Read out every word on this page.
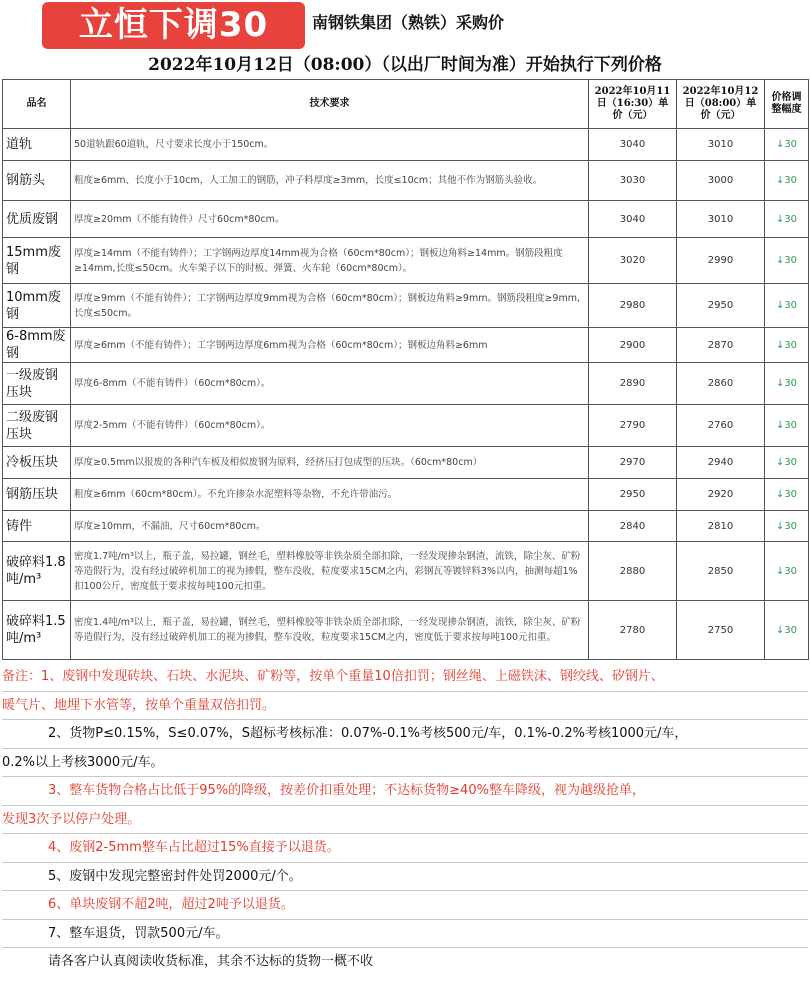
立恒下调30	南钢铁集团（熟铁）采购价
2022年10月12日（08:00）（以出厂时间为准）开始执行下列价格
品名	技术要求	2022年10月11日（16:30）单价（元）	2022年10月12日（08:00）单价（元）	价格调整幅度
道轨	50道轨跟60道轨，尺寸要求长度小于150cm。	3040	3010	↓30
钢筋头	粗度≥6mm、长度小于10cm，人工加工的钢筋，冲子料厚度≥3mm，长度≤10cm；其他不作为钢筋头验收。	3030	3000	↓30
优质废钢	厚度≥20mm（不能有铸件）尺寸60cm*80cm。	3040	3010	↓30
15mm废钢	厚度≥14mm（不能有铸件）；工字钢两边厚度14mm视为合格（60cm*80cm）；钢板边角料≥14mm。钢筋段粗度≥14mm,长度≤50cm。火车架子以下的时板、弹簧、火车轮（60cm*80cm）。	3020	2990	↓30
10mm废钢	厚度≥9mm（不能有铸件）；工字钢两边厚度9mm视为合格（60cm*80cm）；钢板边角料≥9mm。钢筋段粗度≥9mm,长度≤50cm。	2980	2950	↓30
6-8mm废钢	厚度≥6mm（不能有铸件）；工字钢两边厚度6mm视为合格（60cm*80cm）；钢板边角料≥6mm	2900	2870	↓30
一级废钢压块	厚度6-8mm（不能有铸件）（60cm*80cm）。	2890	2860	↓30
二级废钢压块	厚度2-5mm（不能有铸件）（60cm*80cm）。	2790	2760	↓30
冷板压块	厚度≥0.5mm以报废的各种汽车板及相似废钢为原料，经挤压打包成型的压块。（60cm*80cm）	2970	2940	↓30
钢筋压块	粗度≥6mm（60cm*80cm）。不允许掺杂水泥塑料等杂物，不允许带油污。	2950	2920	↓30
铸件	厚度≥10mm，不漏油，尺寸60cm*80cm。	2840	2810	↓30
破碎料1.8吨/m³	密度1.7吨/m³以上，瓶子盖，易拉罐，钢丝毛，塑料橡胶等非铁杂质全部扣除，一经发现掺杂钢渣，流铁，除尘灰、矿粉等造假行为，没有经过破碎机加工的视为掺假，整车没收，粒度要求15CM之内，彩钢瓦等镀锌料3%以内，抽测每超1%扣100公斤，密度低于要求按每吨100元扣重。	2880	2850	↓30
破碎料1.5吨/m³	密度1.4吨/m³以上，瓶子盖，易拉罐，钢丝毛，塑料橡胶等非铁杂质全部扣除，一经发现掺杂钢渣，流铁，除尘灰、矿粉等造假行为，没有经过破碎机加工的视为掺假，整车没收，粒度要求15CM之内，密度低于要求按每吨100元扣重。	2780	2750	↓30
备注：1、废钢中发现砖块、石块、水泥块、矿粉等，按单个重量10倍扣罚；钢丝绳、上磁铁沫、钢绞线、矽钢片、
暖气片、地埋下水管等，按单个重量双倍扣罚。
2、货物P≤0.15%，S≤0.07%，S超标考核标准：0.07%-0.1%考核500元/车，0.1%-0.2%考核1000元/车，
0.2%以上考核3000元/车。
3、整车货物合格占比低于95%的降级，按差价扣重处理；不达标货物≥40%整车降级，视为越级抢单，
发现3次予以停户处理。
4、废钢2-5mm整车占比超过15%直接予以退货。
5、废钢中发现完整密封件处罚2000元/个。
6、单块废钢不超2吨，超过2吨予以退货。
7、整车退货，罚款500元/车。
请各客户认真阅读收货标准，其余不达标的货物一概不收
